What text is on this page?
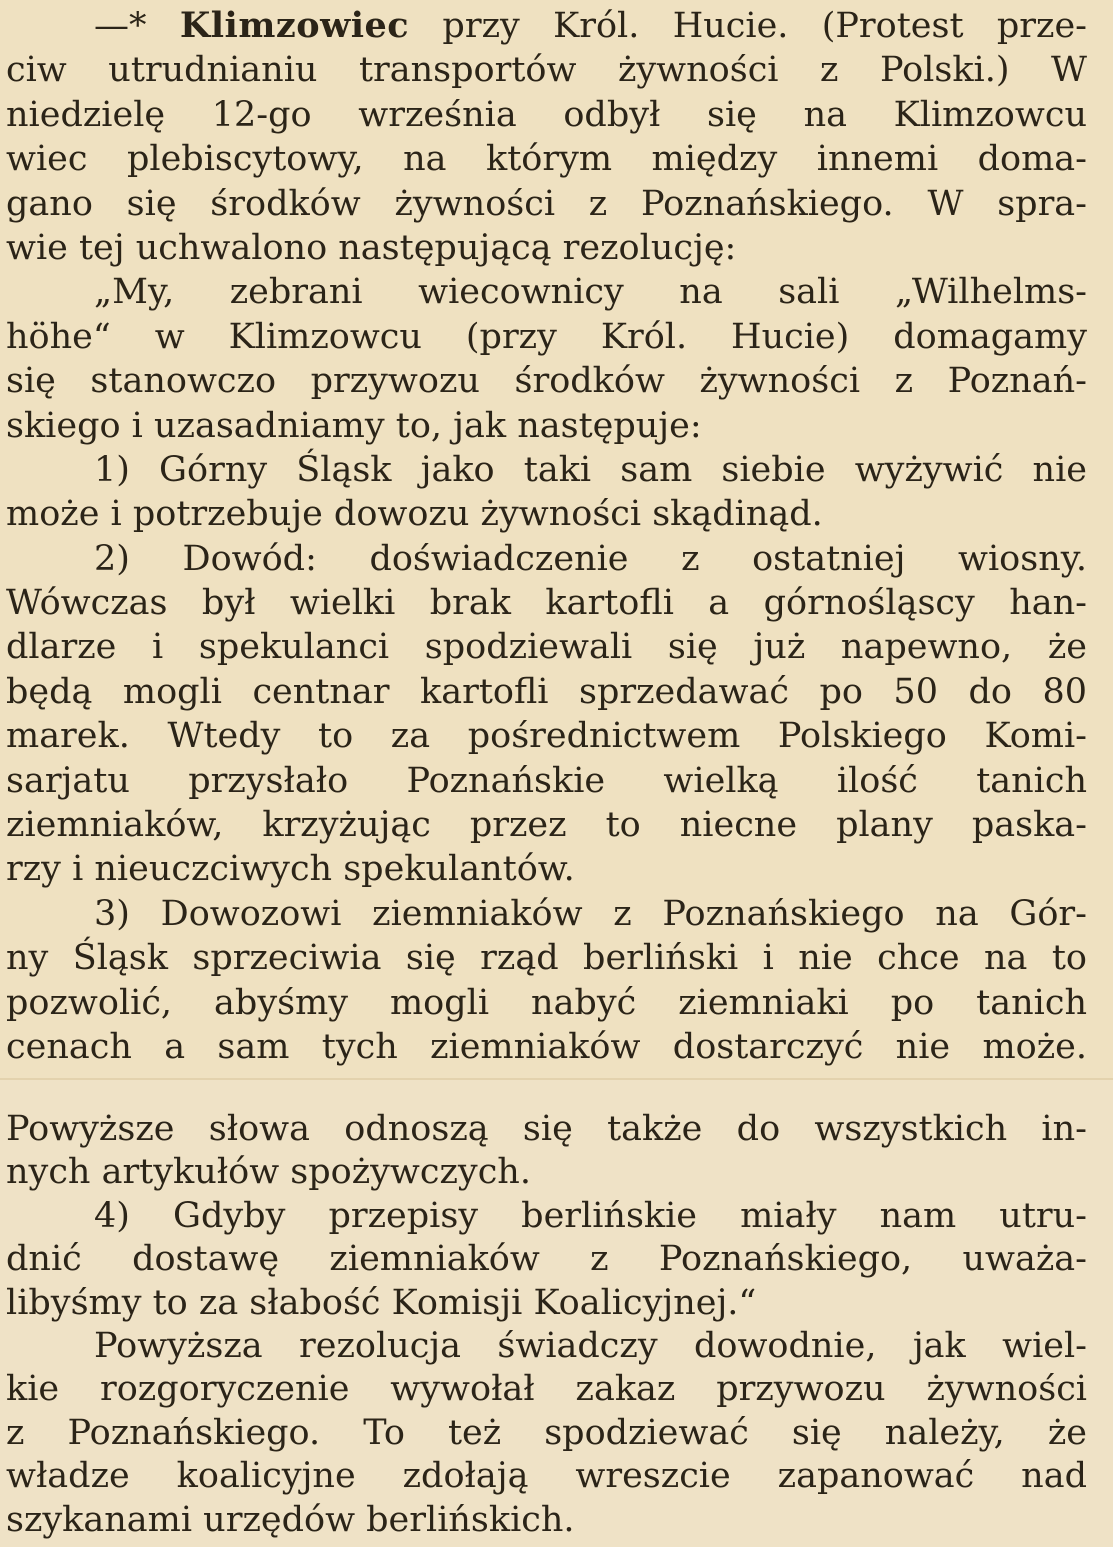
—* Klimzowiec przy Król. Hucie. (Protest prze-
ciw utrudnianiu transportów żywności z Polski.) W
niedzielę 12-go września odbył się na Klimzowcu
wiec plebiscytowy, na którym między innemi doma-
gano się środków żywności z Poznańskiego. W spra-
wie tej uchwalono następującą rezolucję:
„My, zebrani wiecownicy na sali „Wilhelms-
höhe“ w Klimzowcu (przy Król. Hucie) domagamy
się stanowczo przywozu środków żywności z Poznań-
skiego i uzasadniamy to, jak następuje:
1) Górny Śląsk jako taki sam siebie wyżywić nie
może i potrzebuje dowozu żywności skądinąd.
2) Dowód: doświadczenie z ostatniej wiosny.
Wówczas był wielki brak kartofli a górnośląscy han-
dlarze i spekulanci spodziewali się już napewno, że
będą mogli centnar kartofli sprzedawać po 50 do 80
marek. Wtedy to za pośrednictwem Polskiego Komi-
sarjatu przysłało Poznańskie wielką ilość tanich
ziemniaków, krzyżując przez to niecne plany paska-
rzy i nieuczciwych spekulantów.
3) Dowozowi ziemniaków z Poznańskiego na Gór-
ny Śląsk sprzeciwia się rząd berliński i nie chce na to
pozwolić, abyśmy mogli nabyć ziemniaki po tanich
cenach a sam tych ziemniaków dostarczyć nie może.
Powyższe słowa odnoszą się także do wszystkich in-
nych artykułów spożywczych.
4) Gdyby przepisy berlińskie miały nam utru-
dnić dostawę ziemniaków z Poznańskiego, uważa-
libyśmy to za słabość Komisji Koalicyjnej.“
Powyższa rezolucja świadczy dowodnie, jak wiel-
kie rozgoryczenie wywołał zakaz przywozu żywności
z Poznańskiego. To też spodziewać się należy, że
władze koalicyjne zdołają wreszcie zapanować nad
szykanami urzędów berlińskich.
